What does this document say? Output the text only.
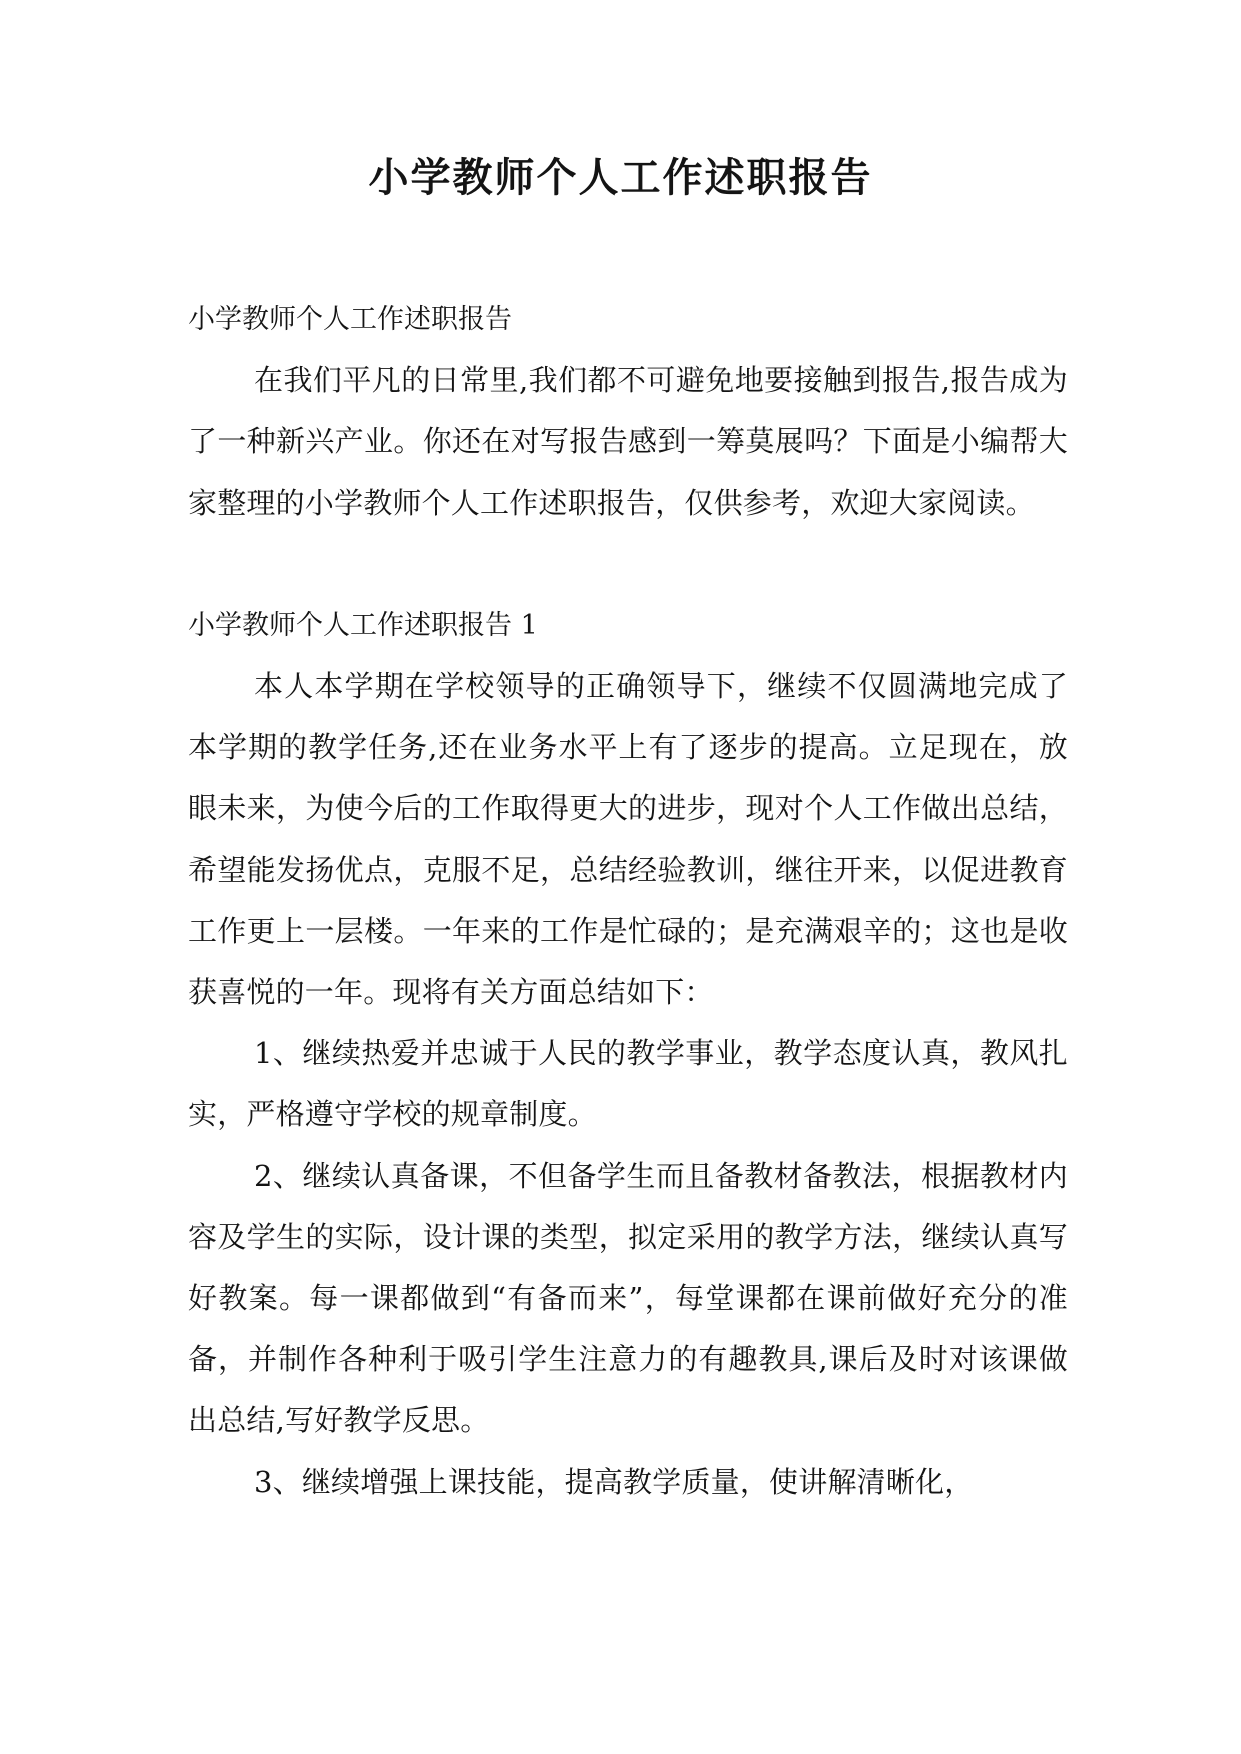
小学教师个人工作述职报告

小学教师个人工作述职报告

在我们平凡的日常里,我们都不可避免地要接触到报告,报告成为了一种新兴产业。你还在对写报告感到一筹莫展吗？下面是小编帮大家整理的小学教师个人工作述职报告，仅供参考，欢迎大家阅读。

小学教师个人工作述职报告 1

本人本学期在学校领导的正确领导下，继续不仅圆满地完成了本学期的教学任务,还在业务水平上有了逐步的提高。立足现在，放眼未来，为使今后的工作取得更大的进步，现对个人工作做出总结，希望能发扬优点，克服不足，总结经验教训，继往开来，以促进教育工作更上一层楼。一年来的工作是忙碌的；是充满艰辛的；这也是收获喜悦的一年。现将有关方面总结如下：

1、继续热爱并忠诚于人民的教学事业，教学态度认真，教风扎实，严格遵守学校的规章制度。

2、继续认真备课，不但备学生而且备教材备教法，根据教材内容及学生的实际，设计课的类型，拟定采用的教学方法，继续认真写好教案。每一课都做到“有备而来”，每堂课都在课前做好充分的准备，并制作各种利于吸引学生注意力的有趣教具,课后及时对该课做出总结,写好教学反思。

3、继续增强上课技能，提高教学质量，使讲解清晰化，
